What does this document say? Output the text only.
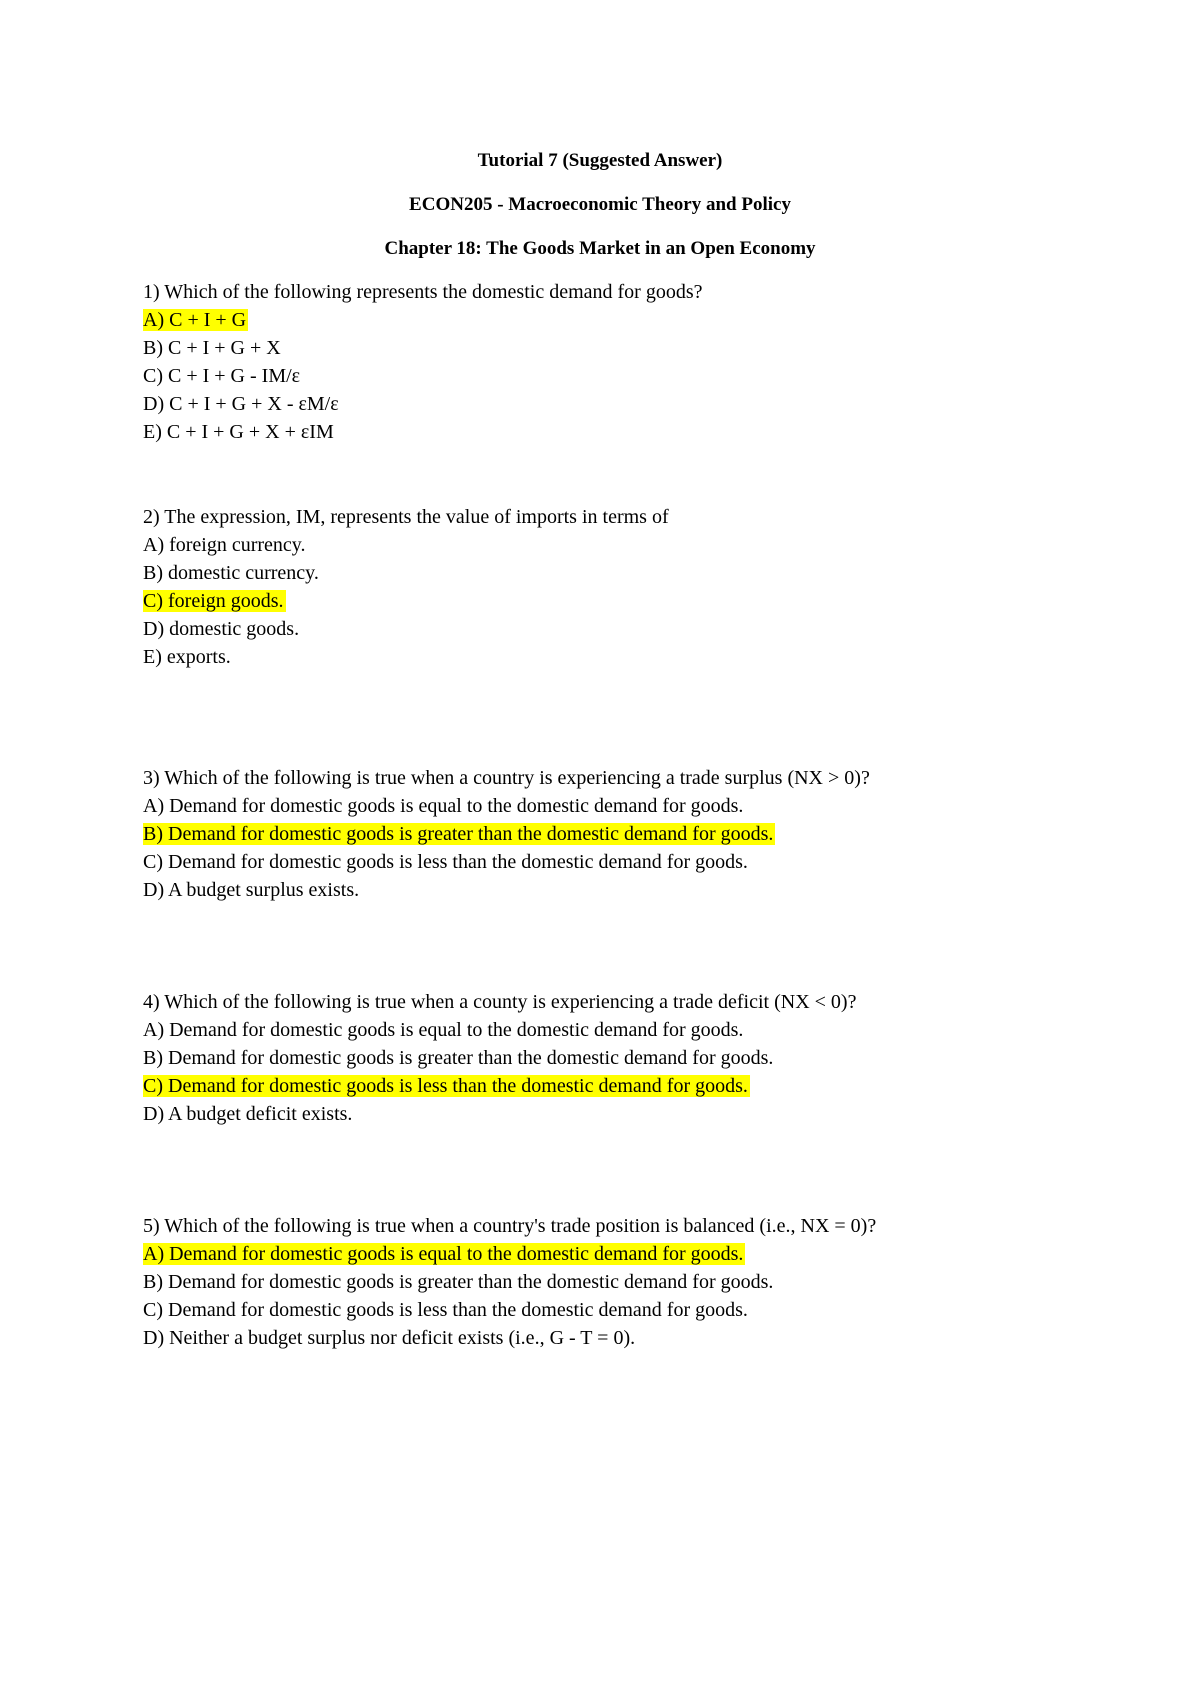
Tutorial 7 (Suggested Answer)
ECON205 - Macroeconomic Theory and Policy
Chapter 18: The Goods Market in an Open Economy
1) Which of the following represents the domestic demand for goods?
A) C + I + G
B) C + I + G + X
C) C + I + G - IM/ε
D) C + I + G + X - εM/ε
E) C + I + G + X + εIM
2) The expression, IM, represents the value of imports in terms of
A) foreign currency.
B) domestic currency.
C) foreign goods.
D) domestic goods.
E) exports.
3) Which of the following is true when a country is experiencing a trade surplus (NX > 0)?
A) Demand for domestic goods is equal to the domestic demand for goods.
B) Demand for domestic goods is greater than the domestic demand for goods.
C) Demand for domestic goods is less than the domestic demand for goods.
D) A budget surplus exists.
4) Which of the following is true when a county is experiencing a trade deficit (NX < 0)?
A) Demand for domestic goods is equal to the domestic demand for goods.
B) Demand for domestic goods is greater than the domestic demand for goods.
C) Demand for domestic goods is less than the domestic demand for goods.
D) A budget deficit exists.
5) Which of the following is true when a country's trade position is balanced (i.e., NX = 0)?
A) Demand for domestic goods is equal to the domestic demand for goods.
B) Demand for domestic goods is greater than the domestic demand for goods.
C) Demand for domestic goods is less than the domestic demand for goods.
D) Neither a budget surplus nor deficit exists (i.e., G - T = 0).
